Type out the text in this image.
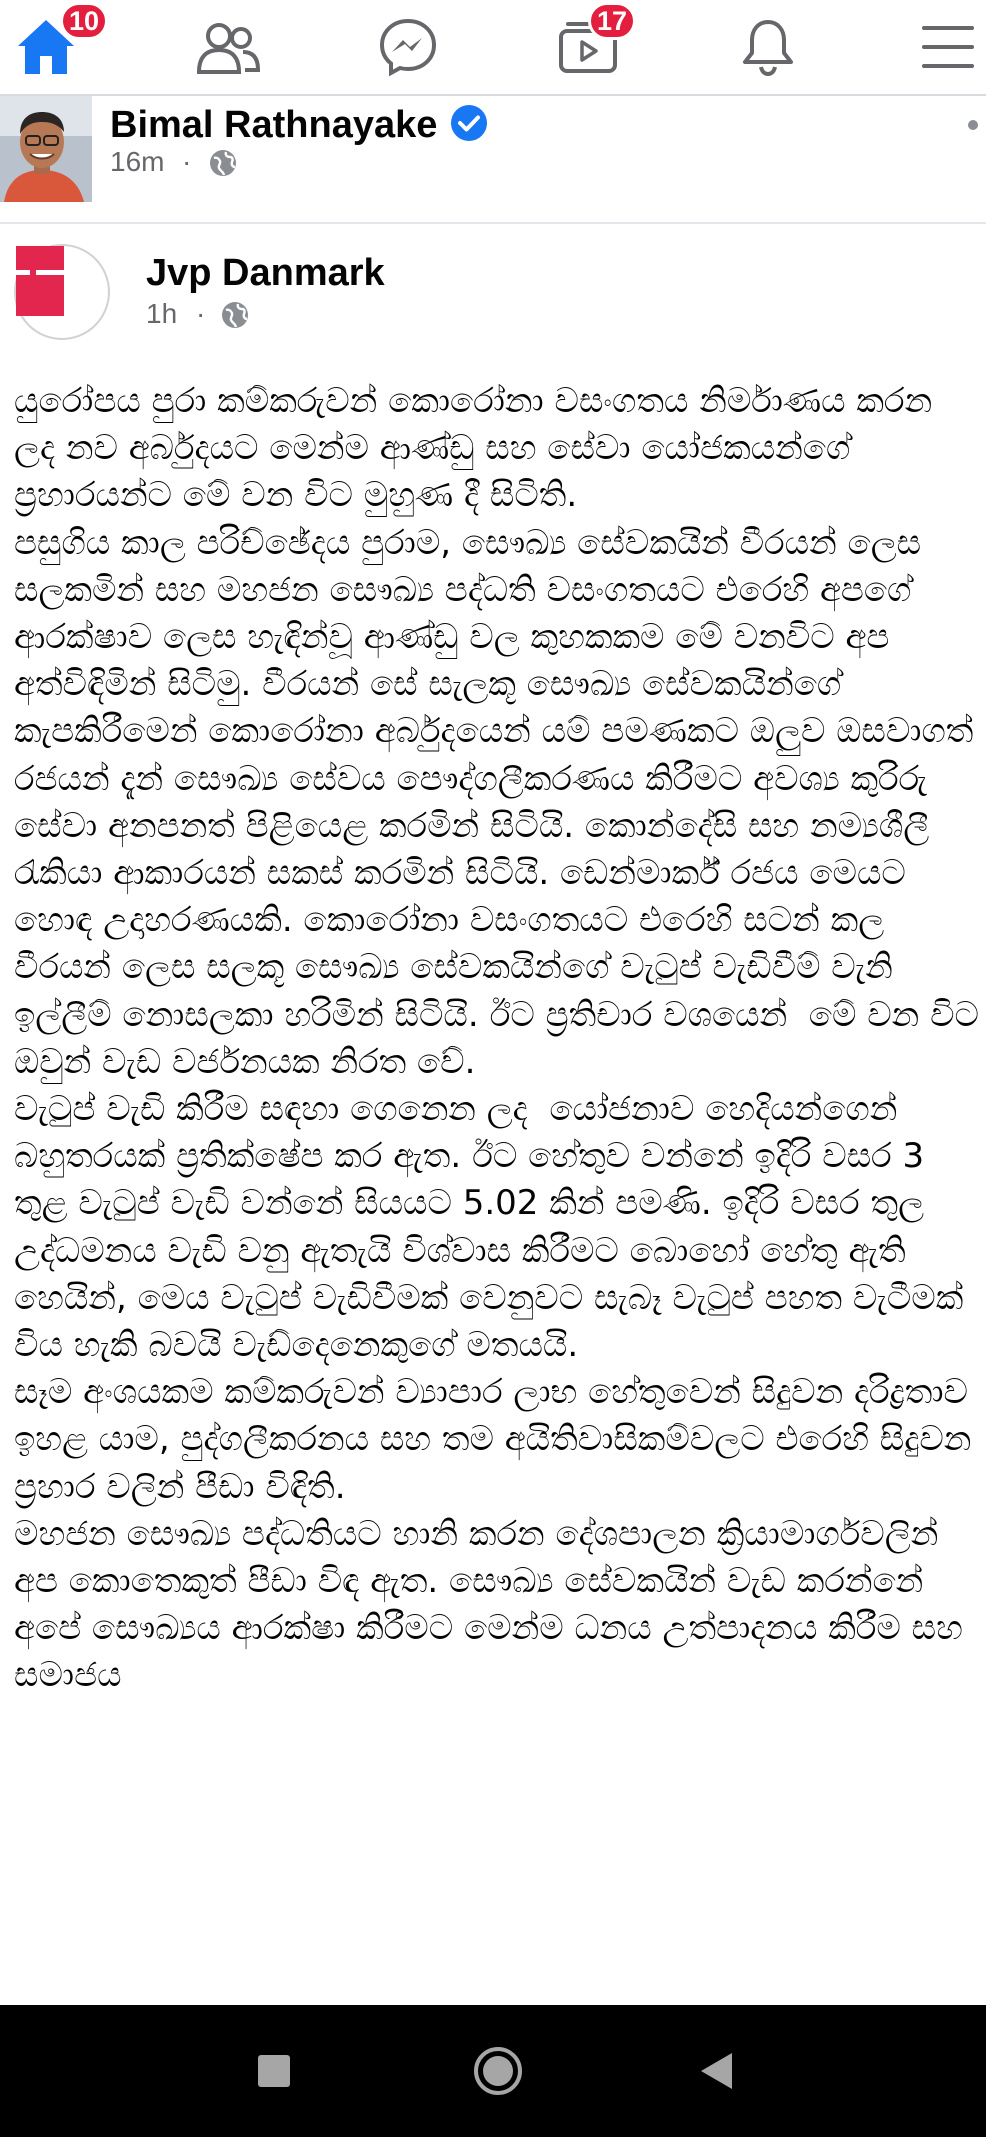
10	17
Bimal Rathnayake
16m ·
Jvp Danmark
1h ·

යුරෝපය පුරා කම්කරුවන් කොරෝනා වසංගතය නිර්මාණය කරන ලද නව අර්බුදයට මෙන්ම ආණ්ඩු සහ සේවා යෝජකයන්ගේ ප්‍රහාරයන්ට මේ වන විට මුහුණ දී සිටිති.

පසුගිය කාල පරිච්ඡේදය පුරාම, සෞඛ්‍ය සේවකයින් වීරයන් ලෙස සලකමින් සහ මහජන සෞඛ්‍ය පද්ධති වසංගතයට එරෙහි අපගේ ආරක්ෂාව ලෙස හැඳින්වූ ආණ්ඩු වල කුහකකම මේ වනවිට අප අත්විඳිමින් සිටිමු. වීරයන් සේ සැලකූ සෞඛ්‍ය සේවකයින්ගේ කැපකිරීමෙන් කොරෝනා අර්බුදයෙන් යම් පමණකට ඔලුව ඔසවාගත් රජයන් දැන් සෞඛ්‍ය සේවය පෞද්ගලීකරණය කිරීමට අවශ්‍ය කුරිරු සේවා අනපනත් පිළියෙළ කරමින් සිටියි. කොන්දේසි සහ නම්‍යශීලී රැකියා ආකාරයන් සකස් කරමින් සිටියි. ඩෙන්මාර්ක් රජය මෙයට හොඳ උදාහරණයකි. කොරෝනා වසංගතයට එරෙහි සටන් කල වීරයන් ලෙස සලකූ සෞඛ්‍ය සේවකයින්ගේ වැටුප් වැඩිවීම් වැනි ඉල්ලීම් නොසලකා හරිමින් සිටියි. ඊට ප්‍රතිචාර වශයෙන්  මේ වන විට ඔවුන් වැඩ වර්ජනයක නිරත වේ.

වැටුප් වැඩි කිරීම සඳහා ගෙනෙන ලද  යෝජනාව හෙදියන්ගෙන් බහුතරයක් ප්‍රතික්ෂේප කර ඇත. ඊට හේතුව වන්නේ ඉදිරි වසර 3 තුළ වැටුප් වැඩි වන්නේ සියයට 5.02 කින් පමණි. ඉදිරි වසර තුල උද්ධමනය වැඩි වනු ඇතැයි විශ්වාස කිරීමට බොහෝ හේතු ඇති හෙයින්, මෙය වැටුප් වැඩිවීමක් වෙනුවට සැබෑ වැටුප් පහත වැටීමක් විය හැකි බවයි වැඩ්දෙනෙකුගේ මතයයි.

සෑම අංශයකම කම්කරුවන් ව්‍යාපාර ලාභ හේතුවෙන් සිදුවන දරිද්‍රතාව ඉහළ යාම, පුද්ගලීකරනය සහ තම අයිතිවාසිකම්වලට එරෙහි සිදුවන ප්‍රහාර වලින් පීඩා විඳිති.

මහජන සෞඛ්‍ය පද්ධතියට හානි කරන දේශපාලන ක්‍රියාමාර්ගවලින් අප කොතෙකුත් පීඩා විඳ ඇත. සෞඛ්‍ය සේවකයින් වැඩ කරන්නේ අපේ සෞඛ්‍යය ආරක්ෂා කිරීමට මෙන්ම ධනය උත්පාදනය කිරීම සහ සමාජය
